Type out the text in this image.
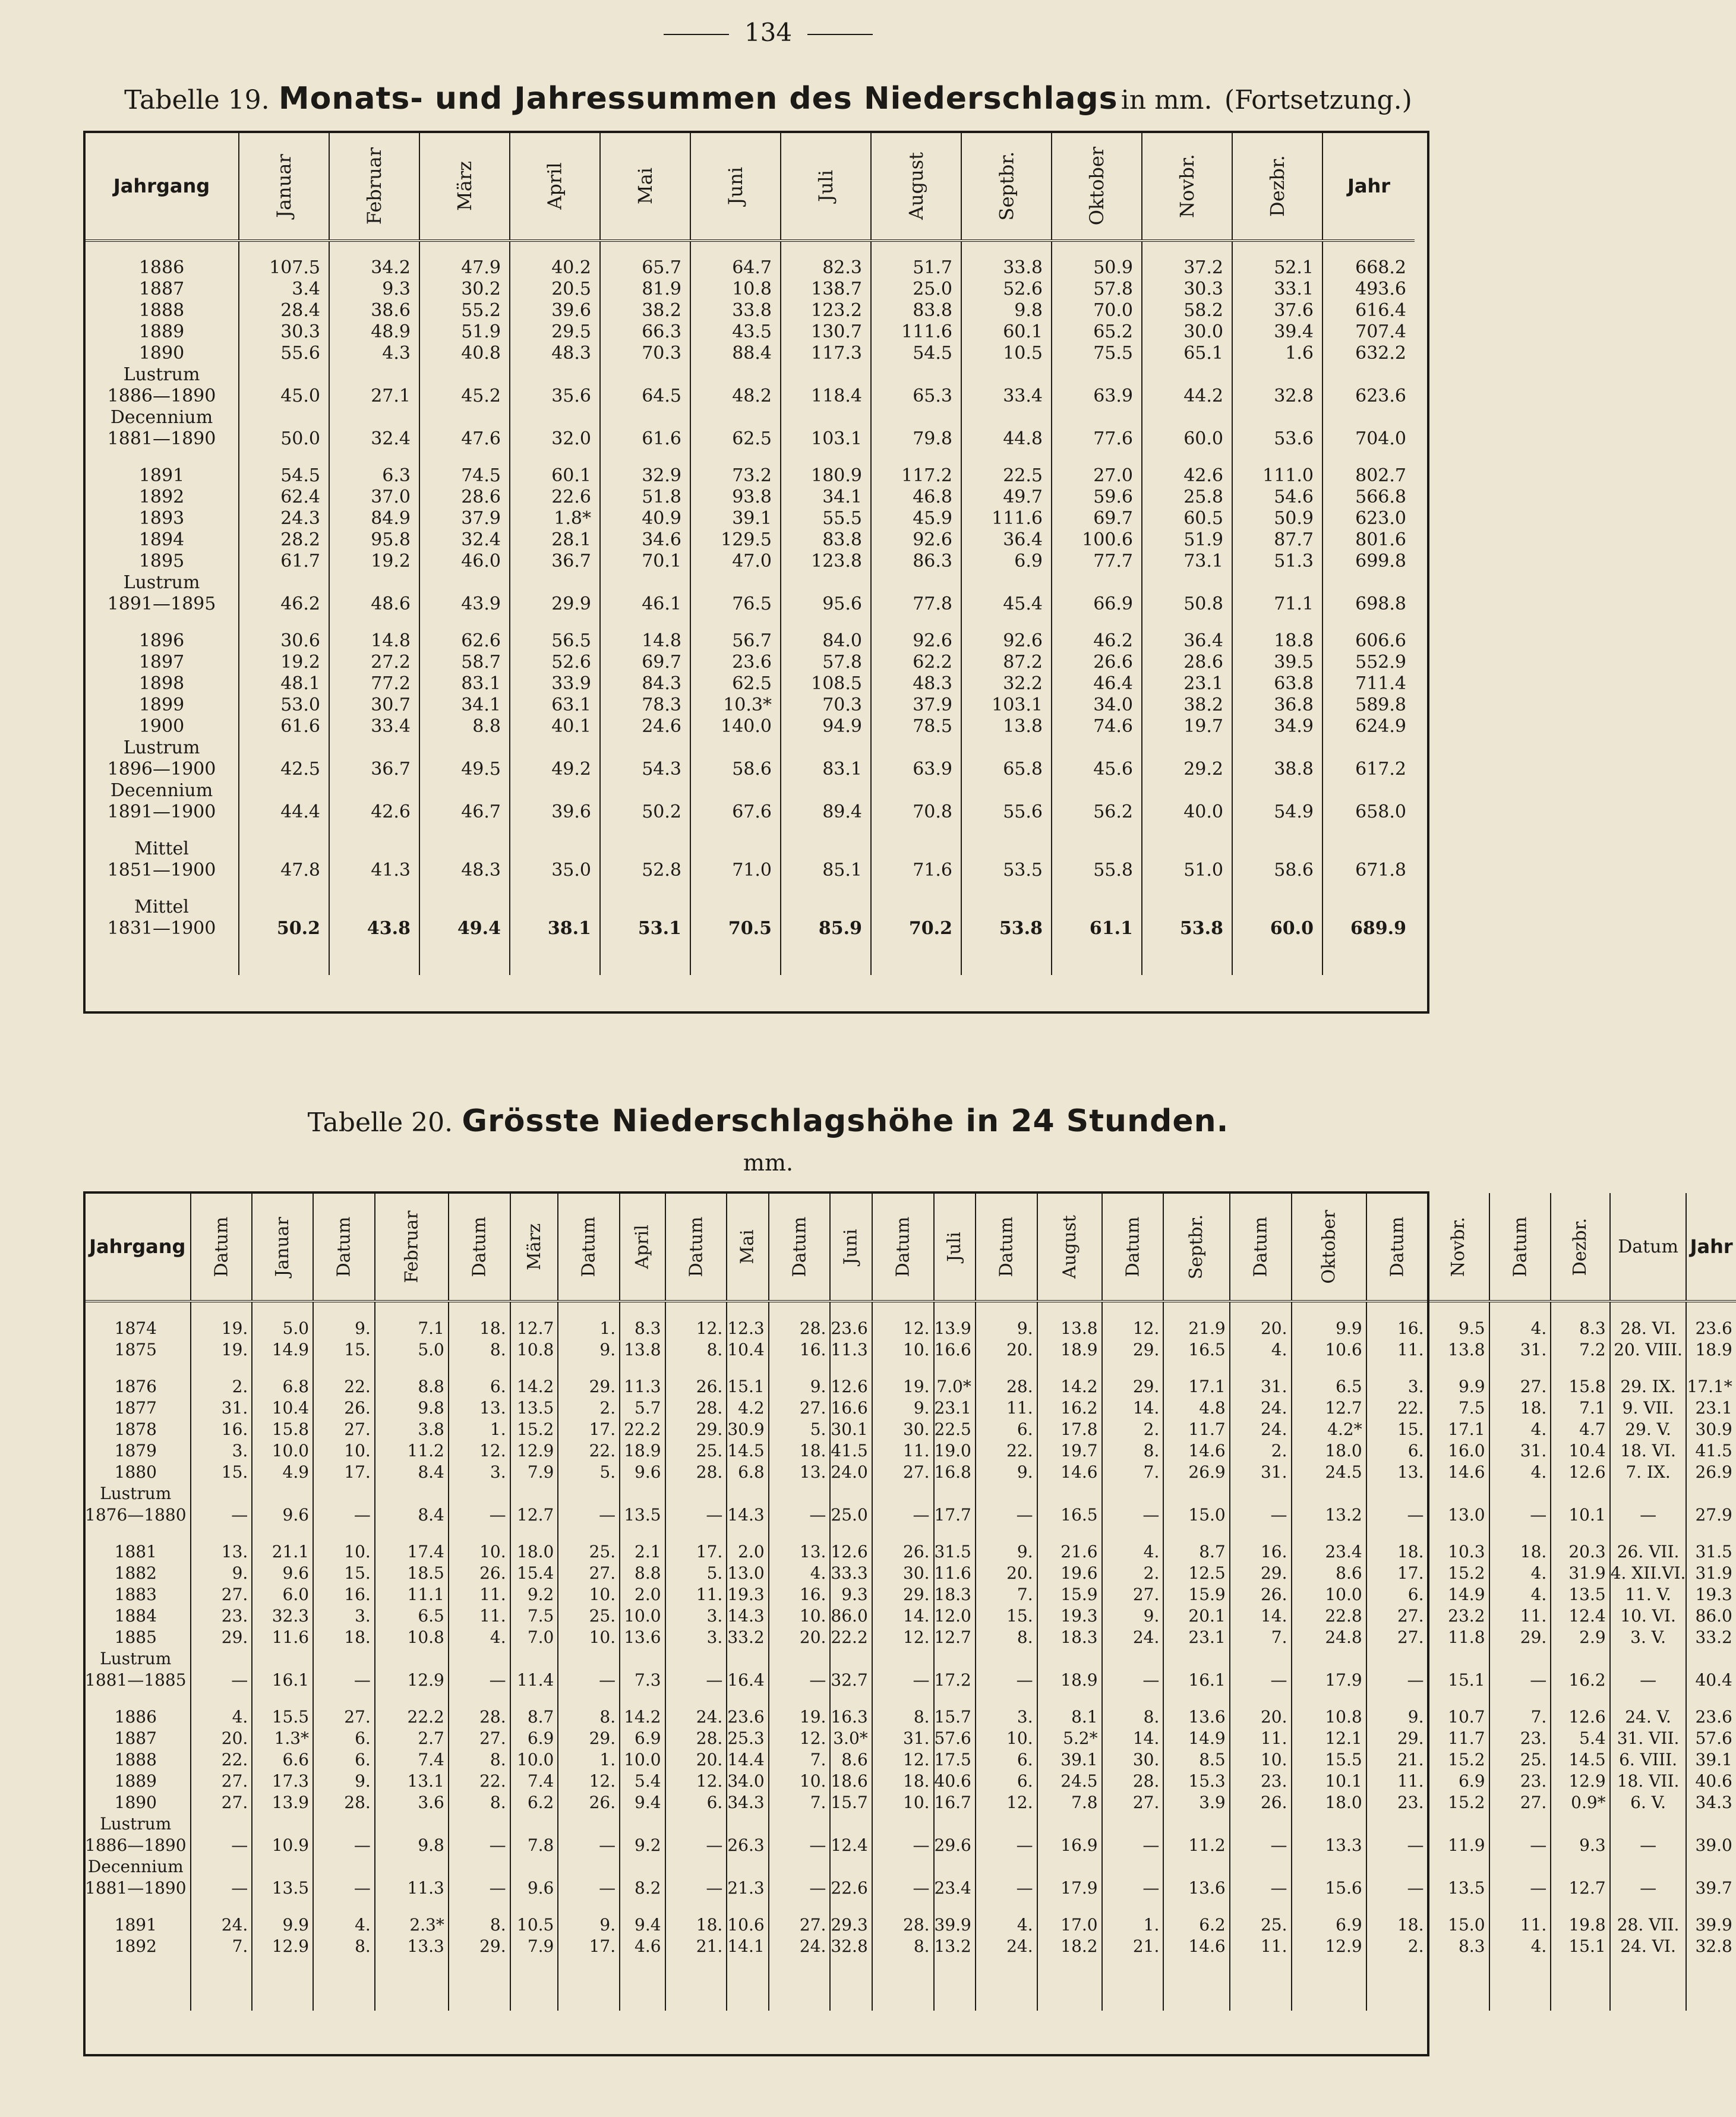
134
Tabelle 19. Monats- und Jahressummen des Niederschlags in mm. (Fortsetzung.)
Jahrgang	Januar	Februar	März	April	Mai	Juni	Juli	August	Septbr.	Oktober	Novbr.	Dezbr.	Jahr

1886	107.5	34.2	47.9	40.2	65.7	64.7	82.3	51.7	33.8	50.9	37.2	52.1	668.2
1887	3.4	9.3	30.2	20.5	81.9	10.8	138.7	25.0	52.6	57.8	30.3	33.1	493.6
1888	28.4	38.6	55.2	39.6	38.2	33.8	123.2	83.8	9.8	70.0	58.2	37.6	616.4
1889	30.3	48.9	51.9	29.5	66.3	43.5	130.7	111.6	60.1	65.2	30.0	39.4	707.4
1890	55.6	4.3	40.8	48.3	70.3	88.4	117.3	54.5	10.5	75.5	65.1	1.6	632.2
Lustrum													
1886—1890	45.0	27.1	45.2	35.6	64.5	48.2	118.4	65.3	33.4	63.9	44.2	32.8	623.6
Decennium													
1881—1890	50.0	32.4	47.6	32.0	61.6	62.5	103.1	79.8	44.8	77.6	60.0	53.6	704.0

1891	54.5	6.3	74.5	60.1	32.9	73.2	180.9	117.2	22.5	27.0	42.6	111.0	802.7
1892	62.4	37.0	28.6	22.6	51.8	93.8	34.1	46.8	49.7	59.6	25.8	54.6	566.8
1893	24.3	84.9	37.9	1.8*	40.9	39.1	55.5	45.9	111.6	69.7	60.5	50.9	623.0
1894	28.2	95.8	32.4	28.1	34.6	129.5	83.8	92.6	36.4	100.6	51.9	87.7	801.6
1895	61.7	19.2	46.0	36.7	70.1	47.0	123.8	86.3	6.9	77.7	73.1	51.3	699.8
Lustrum													
1891—1895	46.2	48.6	43.9	29.9	46.1	76.5	95.6	77.8	45.4	66.9	50.8	71.1	698.8

1896	30.6	14.8	62.6	56.5	14.8	56.7	84.0	92.6	92.6	46.2	36.4	18.8	606.6
1897	19.2	27.2	58.7	52.6	69.7	23.6	57.8	62.2	87.2	26.6	28.6	39.5	552.9
1898	48.1	77.2	83.1	33.9	84.3	62.5	108.5	48.3	32.2	46.4	23.1	63.8	711.4
1899	53.0	30.7	34.1	63.1	78.3	10.3*	70.3	37.9	103.1	34.0	38.2	36.8	589.8
1900	61.6	33.4	8.8	40.1	24.6	140.0	94.9	78.5	13.8	74.6	19.7	34.9	624.9
Lustrum													
1896—1900	42.5	36.7	49.5	49.2	54.3	58.6	83.1	63.9	65.8	45.6	29.2	38.8	617.2
Decennium													
1891—1900	44.4	42.6	46.7	39.6	50.2	67.6	89.4	70.8	55.6	56.2	40.0	54.9	658.0

Mittel													
1851—1900	47.8	41.3	48.3	35.0	52.8	71.0	85.1	71.6	53.5	55.8	51.0	58.6	671.8

Mittel													
1831—1900	50.2	43.8	49.4	38.1	53.1	70.5	85.9	70.2	53.8	61.1	53.8	60.0	689.9

Tabelle 20. Grösste Niederschlagshöhe in 24 Stunden.
mm.
Jahrgang	Datum	Januar	Datum	Februar	Datum	März	Datum	April	Datum	Mai	Datum	Juni	Datum	Juli	Datum	August	Datum	Septbr.	Datum	Oktober	Datum	Novbr.	Datum	Dezbr.	Datum	Jahr

1874	19.	5.0	9.	7.1	18.	12.7	1.	8.3	12.	12.3	28.	23.6	12.	13.9	9.	13.8	12.	21.9	20.	9.9	16.	9.5	4.	8.3	28. VI.	23.6
1875	19.	14.9	15.	5.0	8.	10.8	9.	13.8	8.	10.4	16.	11.3	10.	16.6	20.	18.9	29.	16.5	4.	10.6	11.	13.8	31.	7.2	20. VIII.	18.9

1876	2.	6.8	22.	8.8	6.	14.2	29.	11.3	26.	15.1	9.	12.6	19.	7.0*	28.	14.2	29.	17.1	31.	6.5	3.	9.9	27.	15.8	29. IX.	17.1*
1877	31.	10.4	26.	9.8	13.	13.5	2.	5.7	28.	4.2	27.	16.6	9.	23.1	11.	16.2	14.	4.8	24.	12.7	22.	7.5	18.	7.1	9. VII.	23.1
1878	16.	15.8	27.	3.8	1.	15.2	17.	22.2	29.	30.9	5.	30.1	30.	22.5	6.	17.8	2.	11.7	24.	4.2*	15.	17.1	4.	4.7	29. V.	30.9
1879	3.	10.0	10.	11.2	12.	12.9	22.	18.9	25.	14.5	18.	41.5	11.	19.0	22.	19.7	8.	14.6	2.	18.0	6.	16.0	31.	10.4	18. VI.	41.5
1880	15.	4.9	17.	8.4	3.	7.9	5.	9.6	28.	6.8	13.	24.0	27.	16.8	9.	14.6	7.	26.9	31.	24.5	13.	14.6	4.	12.6	7. IX.	26.9
Lustrum																										
1876—1880	—	9.6	—	8.4	—	12.7	—	13.5	—	14.3	—	25.0	—	17.7	—	16.5	—	15.0	—	13.2	—	13.0	—	10.1	—	27.9

1881	13.	21.1	10.	17.4	10.	18.0	25.	2.1	17.	2.0	13.	12.6	26.	31.5	9.	21.6	4.	8.7	16.	23.4	18.	10.3	18.	20.3	26. VII.	31.5
1882	9.	9.6	15.	18.5	26.	15.4	27.	8.8	5.	13.0	4.	33.3	30.	11.6	20.	19.6	2.	12.5	29.	8.6	17.	15.2	4.	31.9	4. XII.VI.	31.9
1883	27.	6.0	16.	11.1	11.	9.2	10.	2.0	11.	19.3	16.	9.3	29.	18.3	7.	15.9	27.	15.9	26.	10.0	6.	14.9	4.	13.5	11. V.	19.3
1884	23.	32.3	3.	6.5	11.	7.5	25.	10.0	3.	14.3	10.	86.0	14.	12.0	15.	19.3	9.	20.1	14.	22.8	27.	23.2	11.	12.4	10. VI.	86.0
1885	29.	11.6	18.	10.8	4.	7.0	10.	13.6	3.	33.2	20.	22.2	12.	12.7	8.	18.3	24.	23.1	7.	24.8	27.	11.8	29.	2.9	3. V.	33.2
Lustrum																										
1881—1885	—	16.1	—	12.9	—	11.4	—	7.3	—	16.4	—	32.7	—	17.2	—	18.9	—	16.1	—	17.9	—	15.1	—	16.2	—	40.4

1886	4.	15.5	27.	22.2	28.	8.7	8.	14.2	24.	23.6	19.	16.3	8.	15.7	3.	8.1	8.	13.6	20.	10.8	9.	10.7	7.	12.6	24. V.	23.6
1887	20.	1.3*	6.	2.7	27.	6.9	29.	6.9	28.	25.3	12.	3.0*	31.	57.6	10.	5.2*	14.	14.9	11.	12.1	29.	11.7	23.	5.4	31. VII.	57.6
1888	22.	6.6	6.	7.4	8.	10.0	1.	10.0	20.	14.4	7.	8.6	12.	17.5	6.	39.1	30.	8.5	10.	15.5	21.	15.2	25.	14.5	6. VIII.	39.1
1889	27.	17.3	9.	13.1	22.	7.4	12.	5.4	12.	34.0	10.	18.6	18.	40.6	6.	24.5	28.	15.3	23.	10.1	11.	6.9	23.	12.9	18. VII.	40.6
1890	27.	13.9	28.	3.6	8.	6.2	26.	9.4	6.	34.3	7.	15.7	10.	16.7	12.	7.8	27.	3.9	26.	18.0	23.	15.2	27.	0.9*	6. V.	34.3
Lustrum																										
1886—1890	—	10.9	—	9.8	—	7.8	—	9.2	—	26.3	—	12.4	—	29.6	—	16.9	—	11.2	—	13.3	—	11.9	—	9.3	—	39.0
Decennium																										
1881—1890	—	13.5	—	11.3	—	9.6	—	8.2	—	21.3	—	22.6	—	23.4	—	17.9	—	13.6	—	15.6	—	13.5	—	12.7	—	39.7

1891	24.	9.9	4.	2.3*	8.	10.5	9.	9.4	18.	10.6	27.	29.3	28.	39.9	4.	17.0	1.	6.2	25.	6.9	18.	15.0	11.	19.8	28. VII.	39.9
1892	7.	12.9	8.	13.3	29.	7.9	17.	4.6	21.	14.1	24.	32.8	8.	13.2	24.	18.2	21.	14.6	11.	12.9	2.	8.3	4.	15.1	24. VI.	32.8
